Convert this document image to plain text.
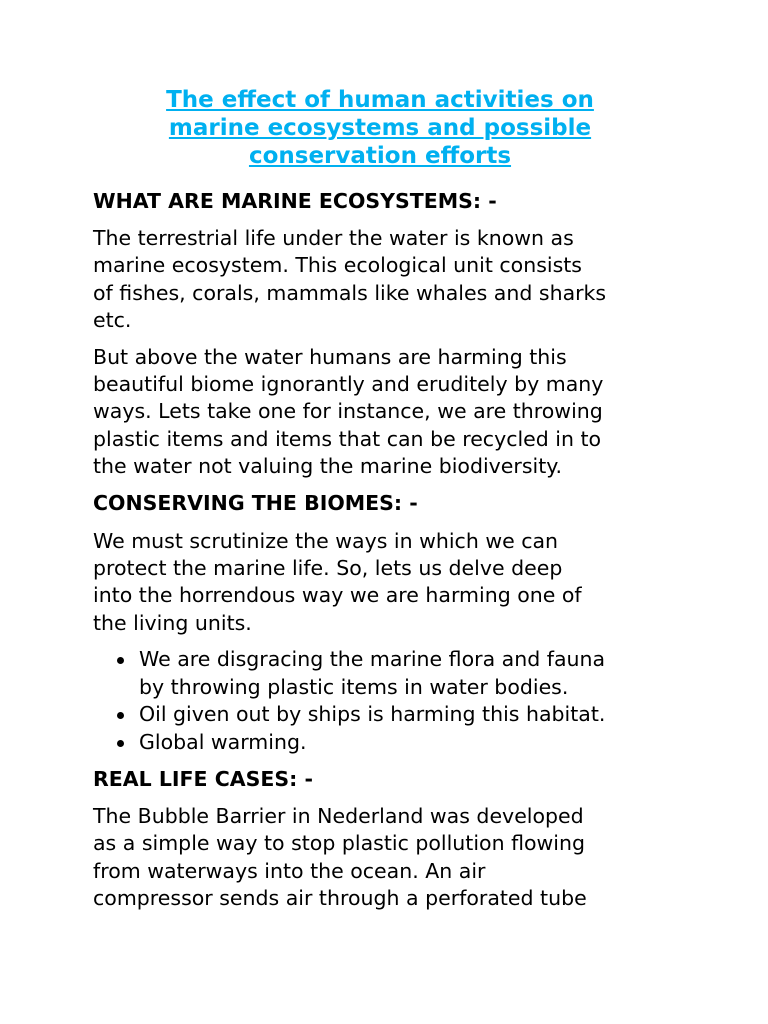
The effect of human activities on
marine ecosystems and possible
conservation efforts
WHAT ARE MARINE ECOSYSTEMS: -

The terrestrial life under the water is known as
marine ecosystem. This ecological unit consists
of fishes, corals, mammals like whales and sharks
etc.

But above the water humans are harming this
beautiful biome ignorantly and eruditely by many
ways. Lets take one for instance, we are throwing
plastic items and items that can be recycled in to
the water not valuing the marine biodiversity.

CONSERVING THE BIOMES: -

We must scrutinize the ways in which we can
protect the marine life. So, lets us delve deep
into the horrendous way we are harming one of
the living units.

We are disgracing the marine flora and fauna
by throwing plastic items in water bodies.
Oil given out by ships is harming this habitat.
Global warming.
REAL LIFE CASES: -

The Bubble Barrier in Nederland was developed
as a simple way to stop plastic pollution flowing
from waterways into the ocean. An air
compressor sends air through a perforated tube
